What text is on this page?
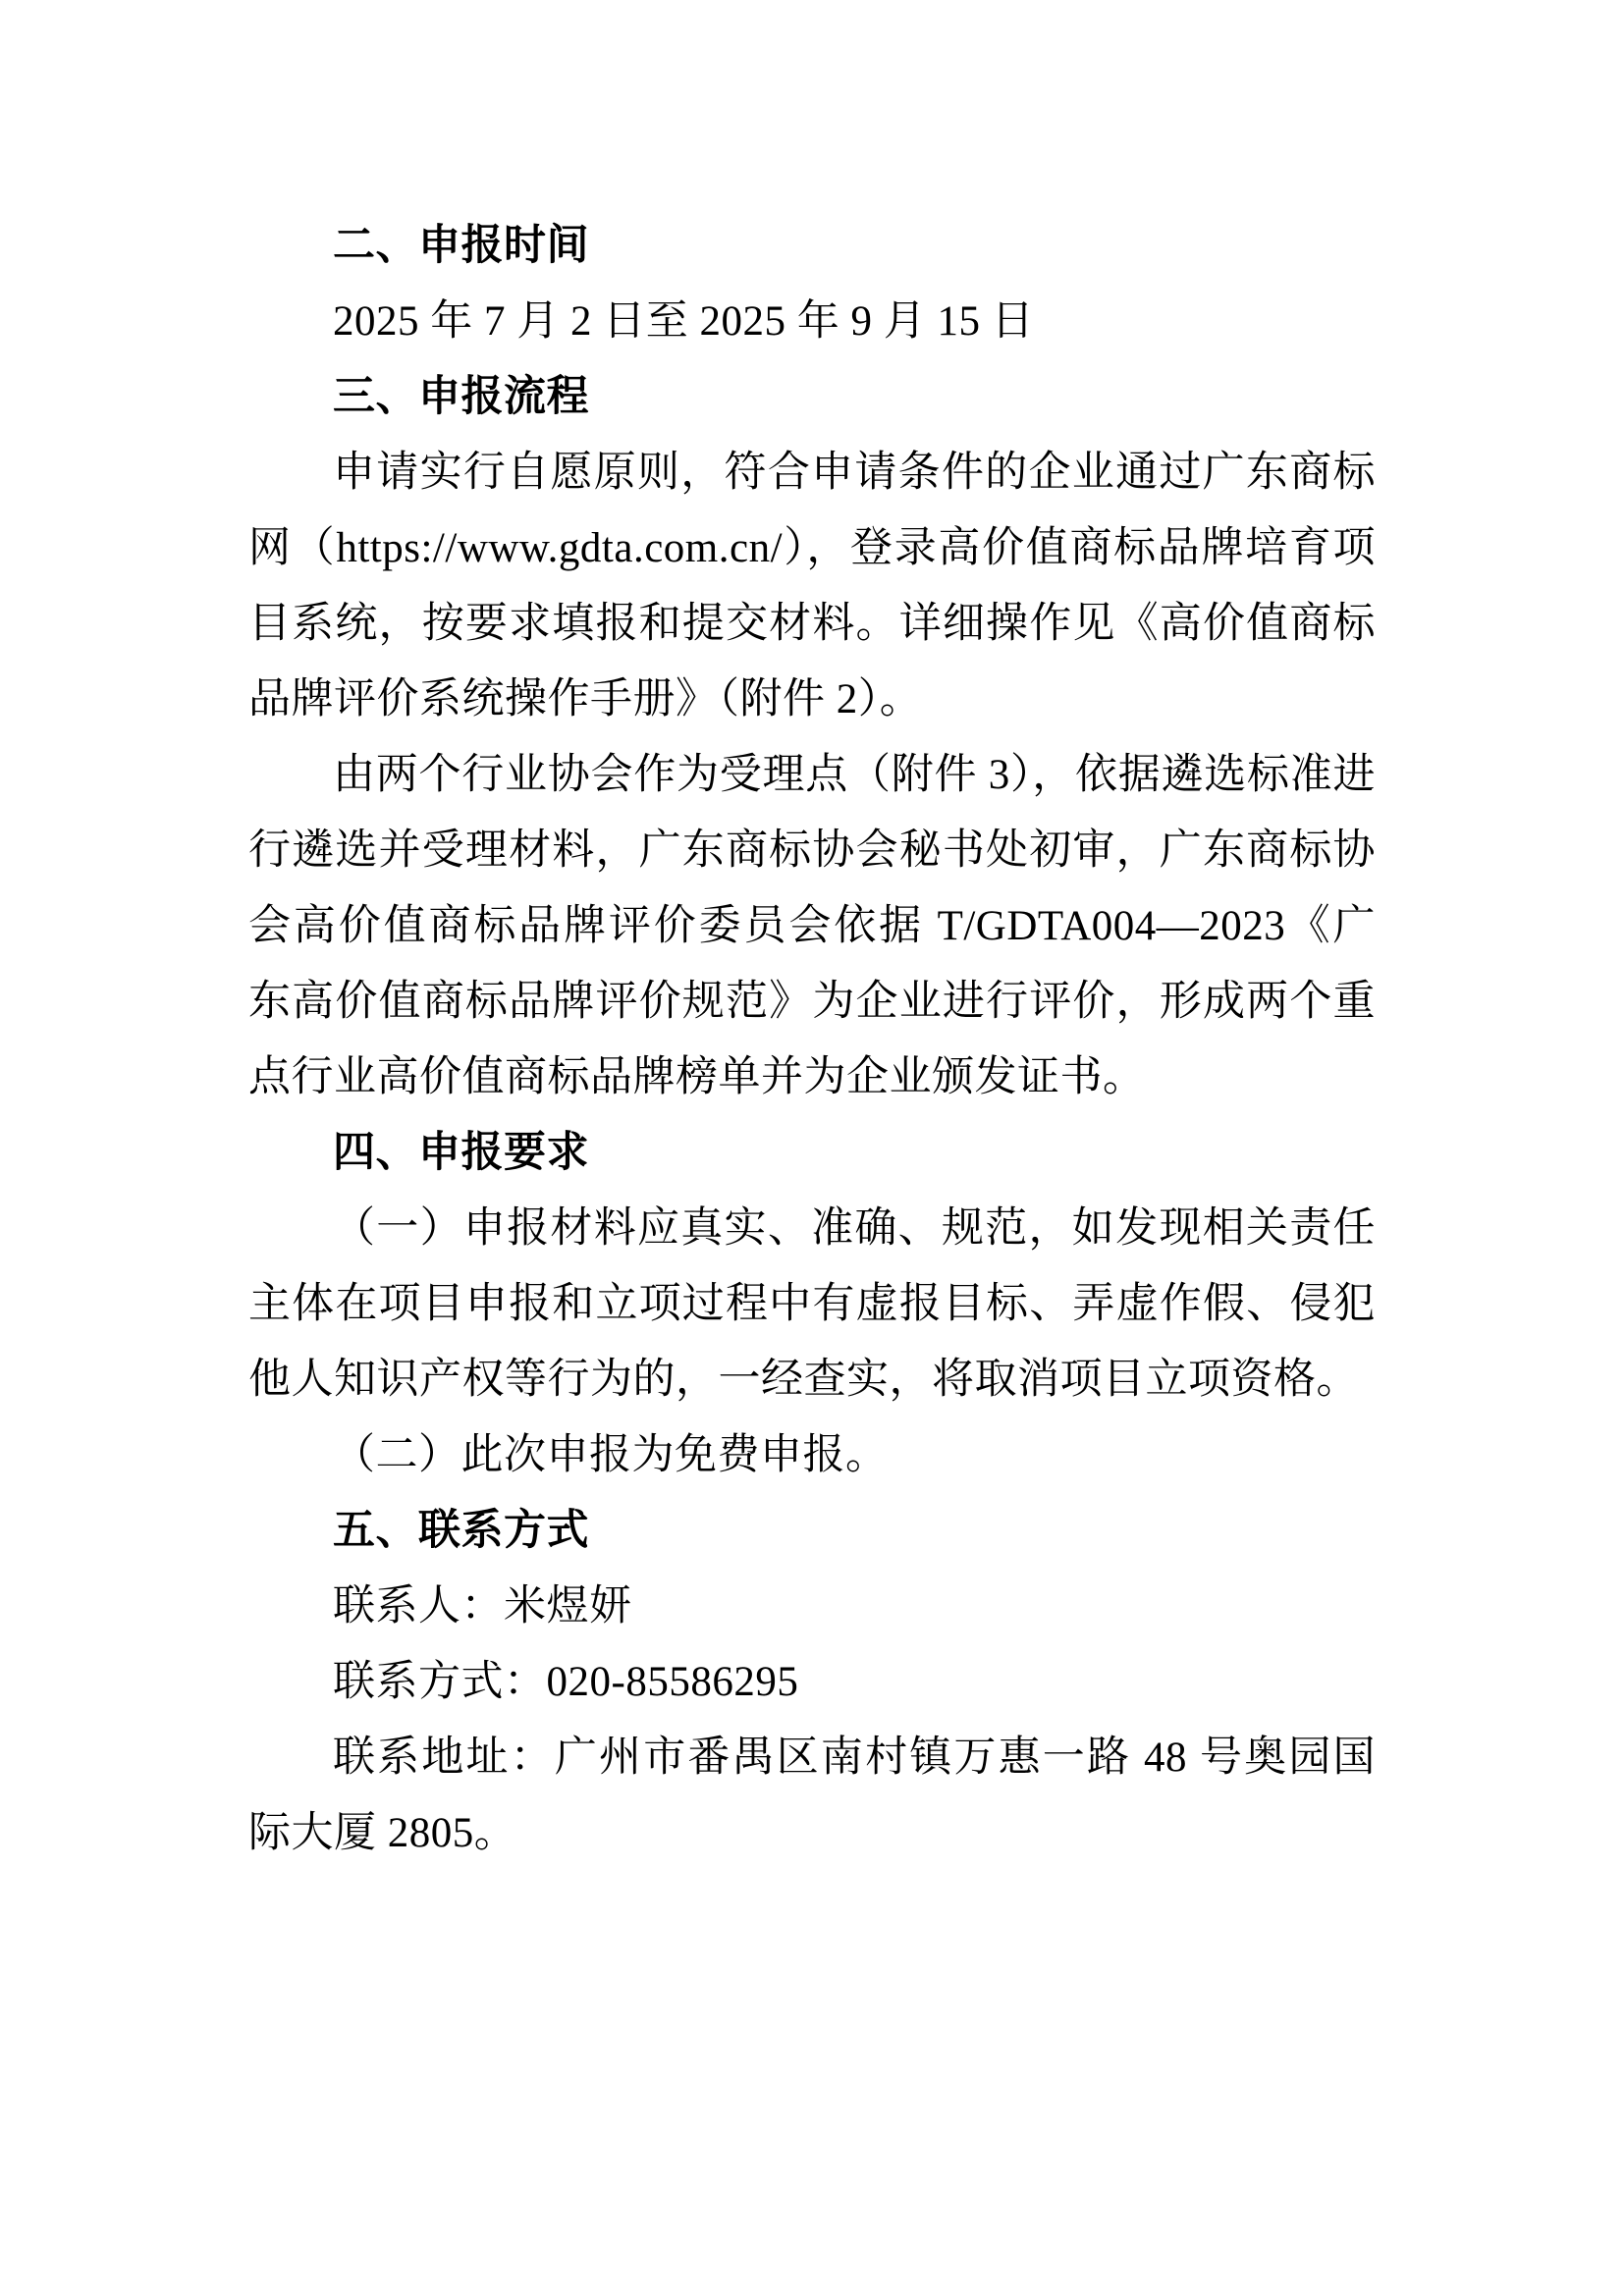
二、申报时间

2025 年 7 月 2 日至 2025 年 9 月 15 日

三、申报流程

申请实行自愿原则，符合申请条件的企业通过广东商标网（https://www.gdta.com.cn/），登录高价值商标品牌培育项目系统，按要求填报和提交材料。详细操作见《高价值商标品牌评价系统操作手册》（附件 2）。

由两个行业协会作为受理点（附件 3），依据遴选标准进行遴选并受理材料，广东商标协会秘书处初审，广东商标协会高价值商标品牌评价委员会依据 T/GDTA004—2023《广东高价值商标品牌评价规范》为企业进行评价，形成两个重点行业高价值商标品牌榜单并为企业颁发证书。

四、申报要求

（一）申报材料应真实、准确、规范，如发现相关责任主体在项目申报和立项过程中有虚报目标、弄虚作假、侵犯他人知识产权等行为的，一经查实，将取消项目立项资格。

（二）此次申报为免费申报。

五、联系方式

联系人：米煜妍

联系方式：020-85586295

联系地址：广州市番禺区南村镇万惠一路 48 号奥园国际大厦 2805。
